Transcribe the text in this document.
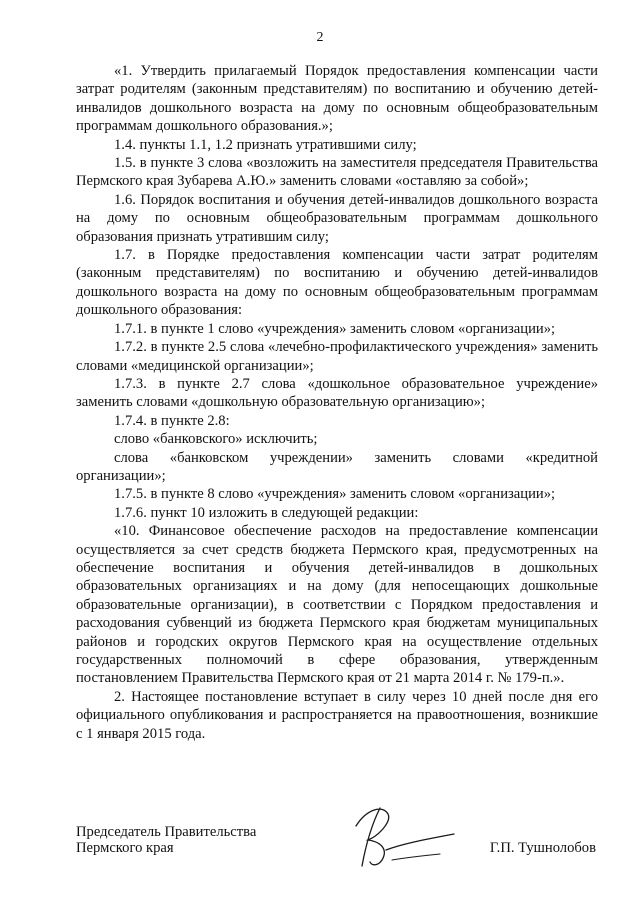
2

«1. Утвердить прилагаемый Порядок предоставления компенсации части затрат родителям (законным представителям) по воспитанию и обучению детей-инвалидов дошкольного возраста на дому по основным общеобразовательным программам дошкольного образования.»;

1.4. пункты 1.1, 1.2 признать утратившими силу;

1.5. в пункте 3 слова «возложить на заместителя председателя Правительства Пермского края Зубарева А.Ю.» заменить словами «оставляю за собой»;

1.6. Порядок воспитания и обучения детей-инвалидов дошкольного возраста на дому по основным общеобразовательным программам дошкольного образования признать утратившим силу;

1.7. в Порядке предоставления компенсации части затрат родителям (законным представителям) по воспитанию и обучению детей-инвалидов дошкольного возраста на дому по основным общеобразовательным программам дошкольного образования:

1.7.1. в пункте 1 слово «учреждения» заменить словом «организации»;

1.7.2. в пункте 2.5 слова «лечебно-профилактического учреждения» заменить словами «медицинской организации»;

1.7.3. в пункте 2.7 слова «дошкольное образовательное учреждение» заменить словами «дошкольную образовательную организацию»;

1.7.4. в пункте 2.8:

слово «банковского» исключить;

слова «банковском учреждении» заменить словами «кредитной организации»;

1.7.5. в пункте 8 слово «учреждения» заменить словом «организации»;

1.7.6. пункт 10 изложить в следующей редакции:

«10. Финансовое обеспечение расходов на предоставление компенсации осуществляется за счет средств бюджета Пермского края, предусмотренных на обеспечение воспитания и обучения детей-инвалидов в дошкольных образовательных организациях и на дому (для непосещающих дошкольные образовательные организации), в соответствии с Порядком предоставления и расходования субвенций из бюджета Пермского края бюджетам муниципальных районов и городских округов Пермского края на осуществление отдельных государственных полномочий в сфере образования, утвержденным постановлением Правительства Пермского края от 21 марта 2014 г. № 179-п.».

2. Настоящее постановление вступает в силу через 10 дней после дня его официального опубликования и распространяется на правоотношения, возникшие с 1 января 2015 года.

Председатель Правительства
Пермского края	Г.П. Тушнолобов
